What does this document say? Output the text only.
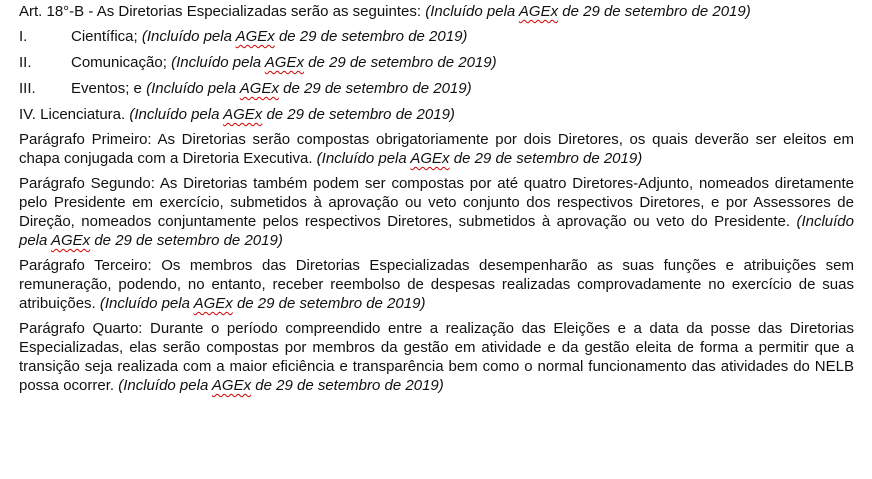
Art. 18°-B - As Diretorias Especializadas serão as seguintes: (Incluído pela AGEx de 29 de setembro de 2019)

I.	Científica; (Incluído pela AGEx de 29 de setembro de 2019)
II.	Comunicação; (Incluído pela AGEx de 29 de setembro de 2019)
III.	Eventos; e (Incluído pela AGEx de 29 de setembro de 2019)

IV. Licenciatura. (Incluído pela AGEx de 29 de setembro de 2019)

Parágrafo Primeiro: As Diretorias serão compostas obrigatoriamente por dois Diretores, os quais deverão ser eleitos em chapa conjugada com a Diretoria Executiva. (Incluído pela AGEx de 29 de setembro de 2019)

Parágrafo Segundo: As Diretorias também podem ser compostas por até quatro Diretores-Adjunto, nomeados diretamente pelo Presidente em exercício, submetidos à aprovação ou veto conjunto dos respectivos Diretores, e por Assessores de Direção, nomeados conjuntamente pelos respectivos Diretores, submetidos à aprovação ou veto do Presidente. (Incluído pela AGEx de 29 de setembro de 2019)

Parágrafo Terceiro: Os membros das Diretorias Especializadas desempenharão as suas funções e atribuições sem remuneração, podendo, no entanto, receber reembolso de despesas realizadas comprovadamente no exercício de suas atribuições. (Incluído pela AGEx de 29 de setembro de 2019)

Parágrafo Quarto: Durante o período compreendido entre a realização das Eleições e a data da posse das Diretorias Especializadas, elas serão compostas por membros da gestão em atividade e da gestão eleita de forma a permitir que a transição seja realizada com a maior eficiência e transparência bem como o normal funcionamento das atividades do NELB possa ocorrer. (Incluído pela AGEx de 29 de setembro de 2019)
